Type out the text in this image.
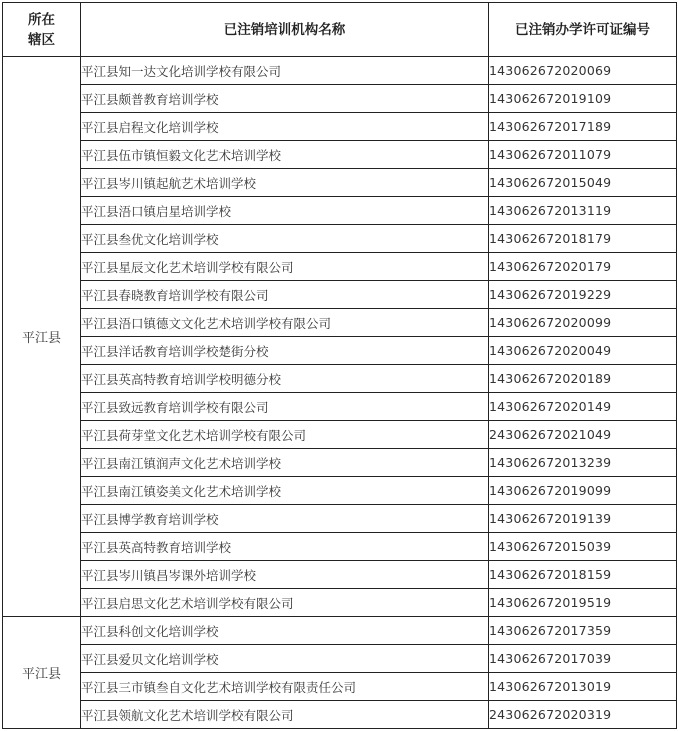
所在
辖区	已注销培训机构名称	已注销办学许可证编号
平江县	平江县知一达文化培训学校有限公司	143062672020069
	平江县颇普教育培训学校	143062672019109
	平江县启程文化培训学校	143062672017189
	平江县伍市镇恒毅文化艺术培训学校	143062672011079
	平江县岑川镇起航艺术培训学校	143062672015049
	平江县浯口镇启星培训学校	143062672013119
	平江县叁优文化培训学校	143062672018179
	平江县星辰文化艺术培训学校有限公司	143062672020179
	平江县春晓教育培训学校有限公司	143062672019229
	平江县浯口镇德文文化艺术培训学校有限公司	143062672020099
	平江县洋话教育培训学校楚街分校	143062672020049
	平江县英高特教育培训学校明德分校	143062672020189
	平江县致远教育培训学校有限公司	143062672020149
	平江县荷芽堂文化艺术培训学校有限公司	243062672021049
	平江县南江镇润声文化艺术培训学校	143062672013239
	平江县南江镇姿美文化艺术培训学校	143062672019099
	平江县博学教育培训学校	143062672019139
	平江县英高特教育培训学校	143062672015039
	平江县岑川镇昌岑课外培训学校	143062672018159
	平江县启思文化艺术培训学校有限公司	143062672019519
平江县	平江县科创文化培训学校	143062672017359
	平江县爱贝文化培训学校	143062672017039
	平江县三市镇叁自文化艺术培训学校有限责任公司	143062672013019
	平江县领航文化艺术培训学校有限公司	243062672020319
